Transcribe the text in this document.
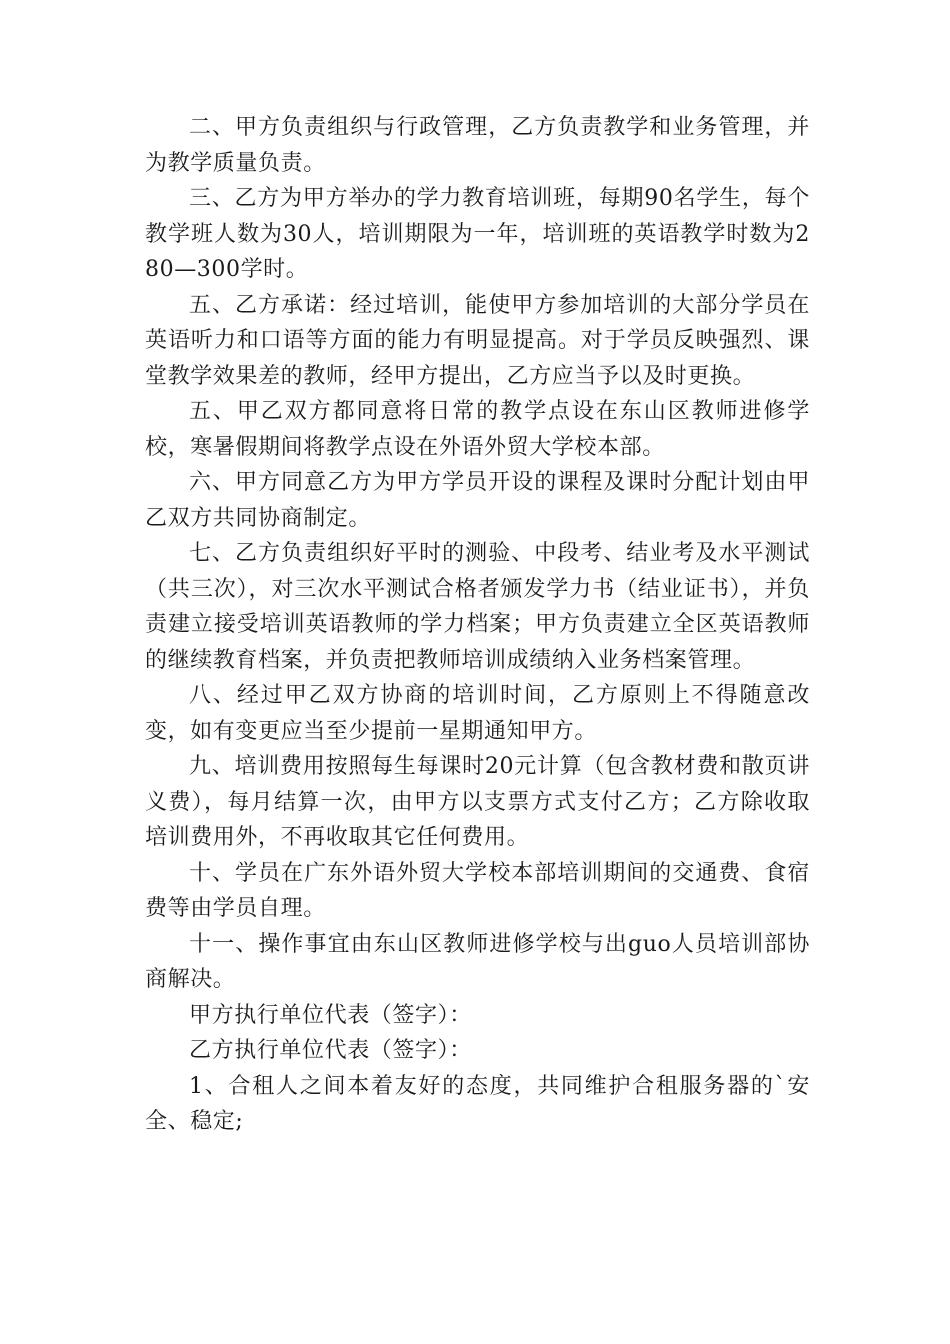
二、甲方负责组织与行政管理，乙方负责教学和业务管理，并为教学质量负责。

三、乙方为甲方举办的学力教育培训班，每期90名学生，每个教学班人数为30人，培训期限为一年，培训班的英语教学时数为280—300学时。

五、乙方承诺：经过培训，能使甲方参加培训的大部分学员在英语听力和口语等方面的能力有明显提高。对于学员反映强烈、课堂教学效果差的教师，经甲方提出，乙方应当予以及时更换。

五、甲乙双方都同意将日常的教学点设在东山区教师进修学校，寒暑假期间将教学点设在外语外贸大学校本部。

六、甲方同意乙方为甲方学员开设的课程及课时分配计划由甲乙双方共同协商制定。

七、乙方负责组织好平时的测验、中段考、结业考及水平测试（共三次），对三次水平测试合格者颁发学力书（结业证书），并负责建立接受培训英语教师的学力档案；甲方负责建立全区英语教师的继续教育档案，并负责把教师培训成绩纳入业务档案管理。

八、经过甲乙双方协商的培训时间，乙方原则上不得随意改变，如有变更应当至少提前一星期通知甲方。

九、培训费用按照每生每课时20元计算（包含教材费和散页讲义费），每月结算一次，由甲方以支票方式支付乙方；乙方除收取培训费用外，不再收取其它任何费用。

十、学员在广东外语外贸大学校本部培训期间的交通费、食宿费等由学员自理。

十一、操作事宜由东山区教师进修学校与出guo人员培训部协商解决。

甲方执行单位代表（签字）：

乙方执行单位代表（签字）：

1、合租人之间本着友好的态度，共同维护合租服务器的`安全、稳定;
